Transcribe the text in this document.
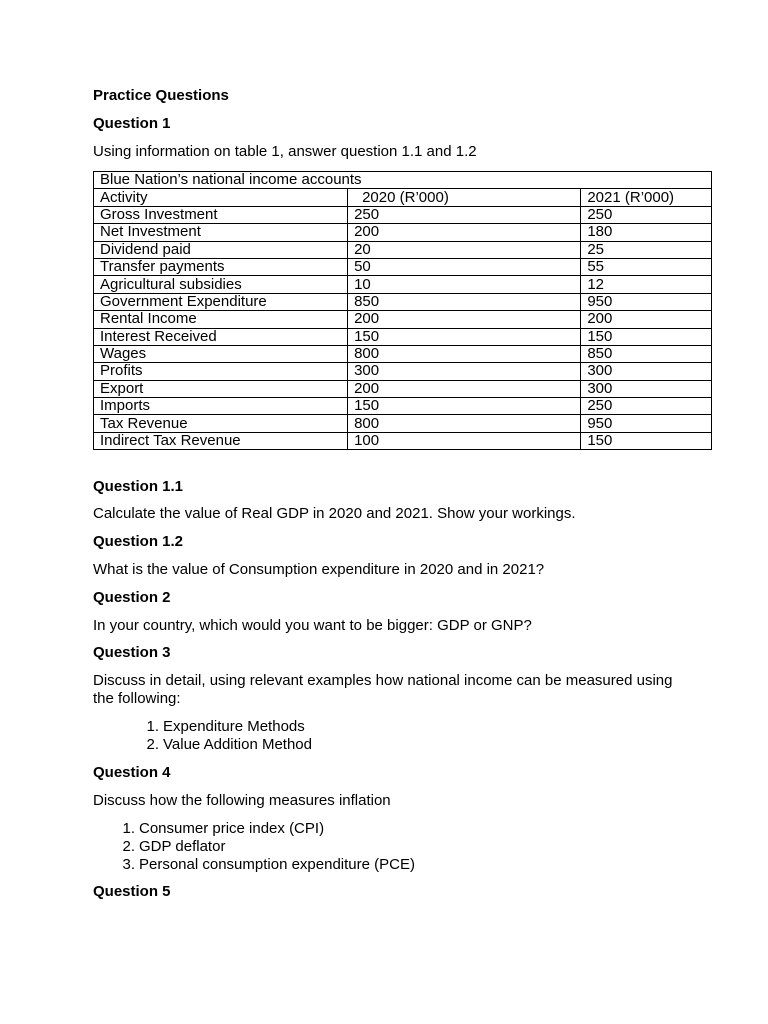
Practice Questions

Question 1

Using information on table 1, answer question 1.1 and 1.2

Blue Nation’s national income accounts		
Activity	2020 (R’000)	2021 (R’000)
Gross Investment	250	250
Net Investment	200	180
Dividend paid	20	25
Transfer payments	50	55
Agricultural subsidies	10	12
Government Expenditure	850	950
Rental Income	200	200
Interest Received	150	150
Wages	800	850
Profits	300	300
Export	200	300
Imports	150	250
Tax Revenue	800	950
Indirect Tax Revenue	100	150

Question 1.1

Calculate the value of Real GDP in 2020 and 2021. Show your workings.

Question 1.2

What is the value of Consumption expenditure in 2020 and in 2021?

Question 2

In your country, which would you want to be bigger: GDP or GNP?

Question 3

Discuss in detail, using relevant examples how national income can be measured using the following:

1. Expenditure Methods
2. Value Addition Method

Question 4

Discuss how the following measures inflation

1. Consumer price index (CPI)
2. GDP deflator
3. Personal consumption expenditure (PCE)

Question 5
